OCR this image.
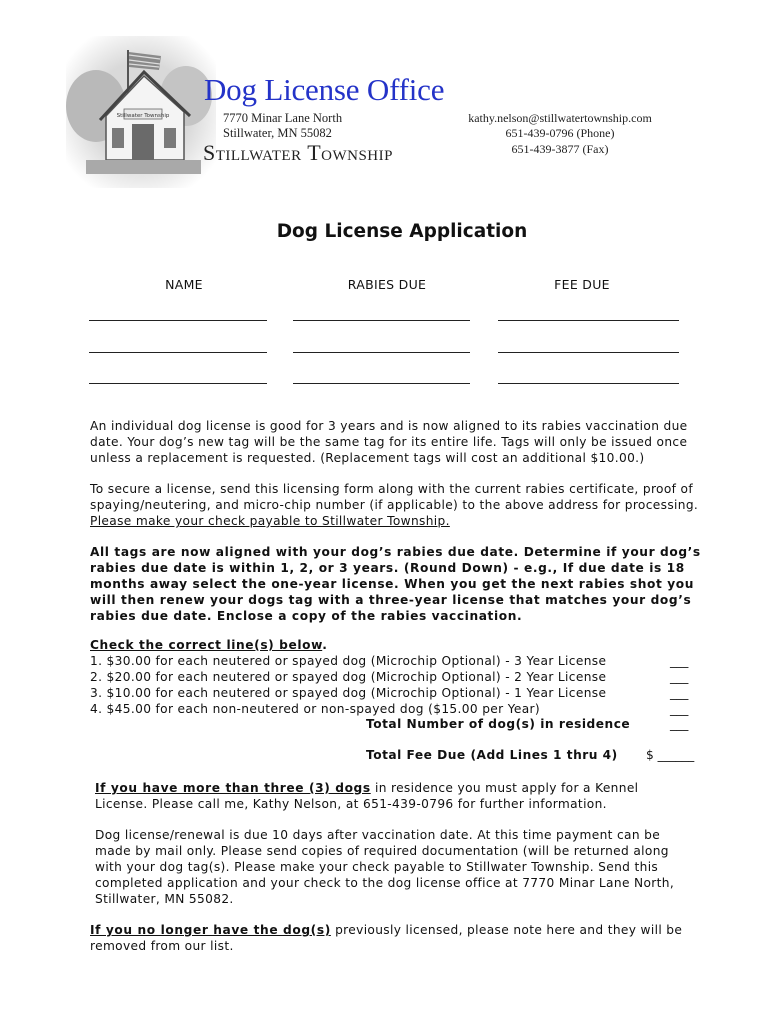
Stillwater Township
Dog License Office
7770 Minar Lane North
Stillwater, MN 55082
Stillwater Township
kathy.nelson@stillwatertownship.com
651-439-0796 (Phone)
651-439-3877 (Fax)
Dog License Application
NAME	RABIES DUE	FEE DUE

An individual dog license is good for 3 years and is now aligned to its rabies vaccination due date. Your dog’s new tag will be the same tag for its entire life. Tags will only be issued once unless a replacement is requested. (Replacement tags will cost an additional $10.00.)

To secure a license, send this licensing form along with the current rabies certificate, proof of spaying/neutering, and micro-chip number (if applicable) to the above address for processing.

Please make your check payable to Stillwater Township.

All tags are now aligned with your dog’s rabies due date. Determine if your dog’s rabies due date is within 1, 2, or 3 years. (Round Down) - e.g., If due date is 18 months away select the one-year license. When you get the next rabies shot you will then renew your dogs tag with a three-year license that matches your dog’s rabies due date. Enclose a copy of the rabies vaccination.

Check the correct line(s) below.
1. $30.00 for each neutered or spayed dog (Microchip Optional) - 3 Year License	___
2. $20.00 for each neutered or spayed dog (Microchip Optional) - 2 Year License	___
3. $10.00 for each neutered or spayed dog (Microchip Optional) - 1 Year License	___
4. $45.00 for each non-neutered or non-spayed dog ($15.00 per Year)	___
Total Number of dog(s) in residence	___
Total Fee Due (Add Lines 1 thru 4) $ ______

If you have more than three (3) dogs in residence you must apply for a Kennel License. Please call me, Kathy Nelson, at 651-439-0796 for further information.

Dog license/renewal is due 10 days after vaccination date. At this time payment can be made by mail only. Please send copies of required documentation (will be returned along with your dog tag(s). Please make your check payable to Stillwater Township. Send this completed application and your check to the dog license office at 7770 Minar Lane North, Stillwater, MN 55082.

If you no longer have the dog(s) previously licensed, please note here and they will be removed from our list.
